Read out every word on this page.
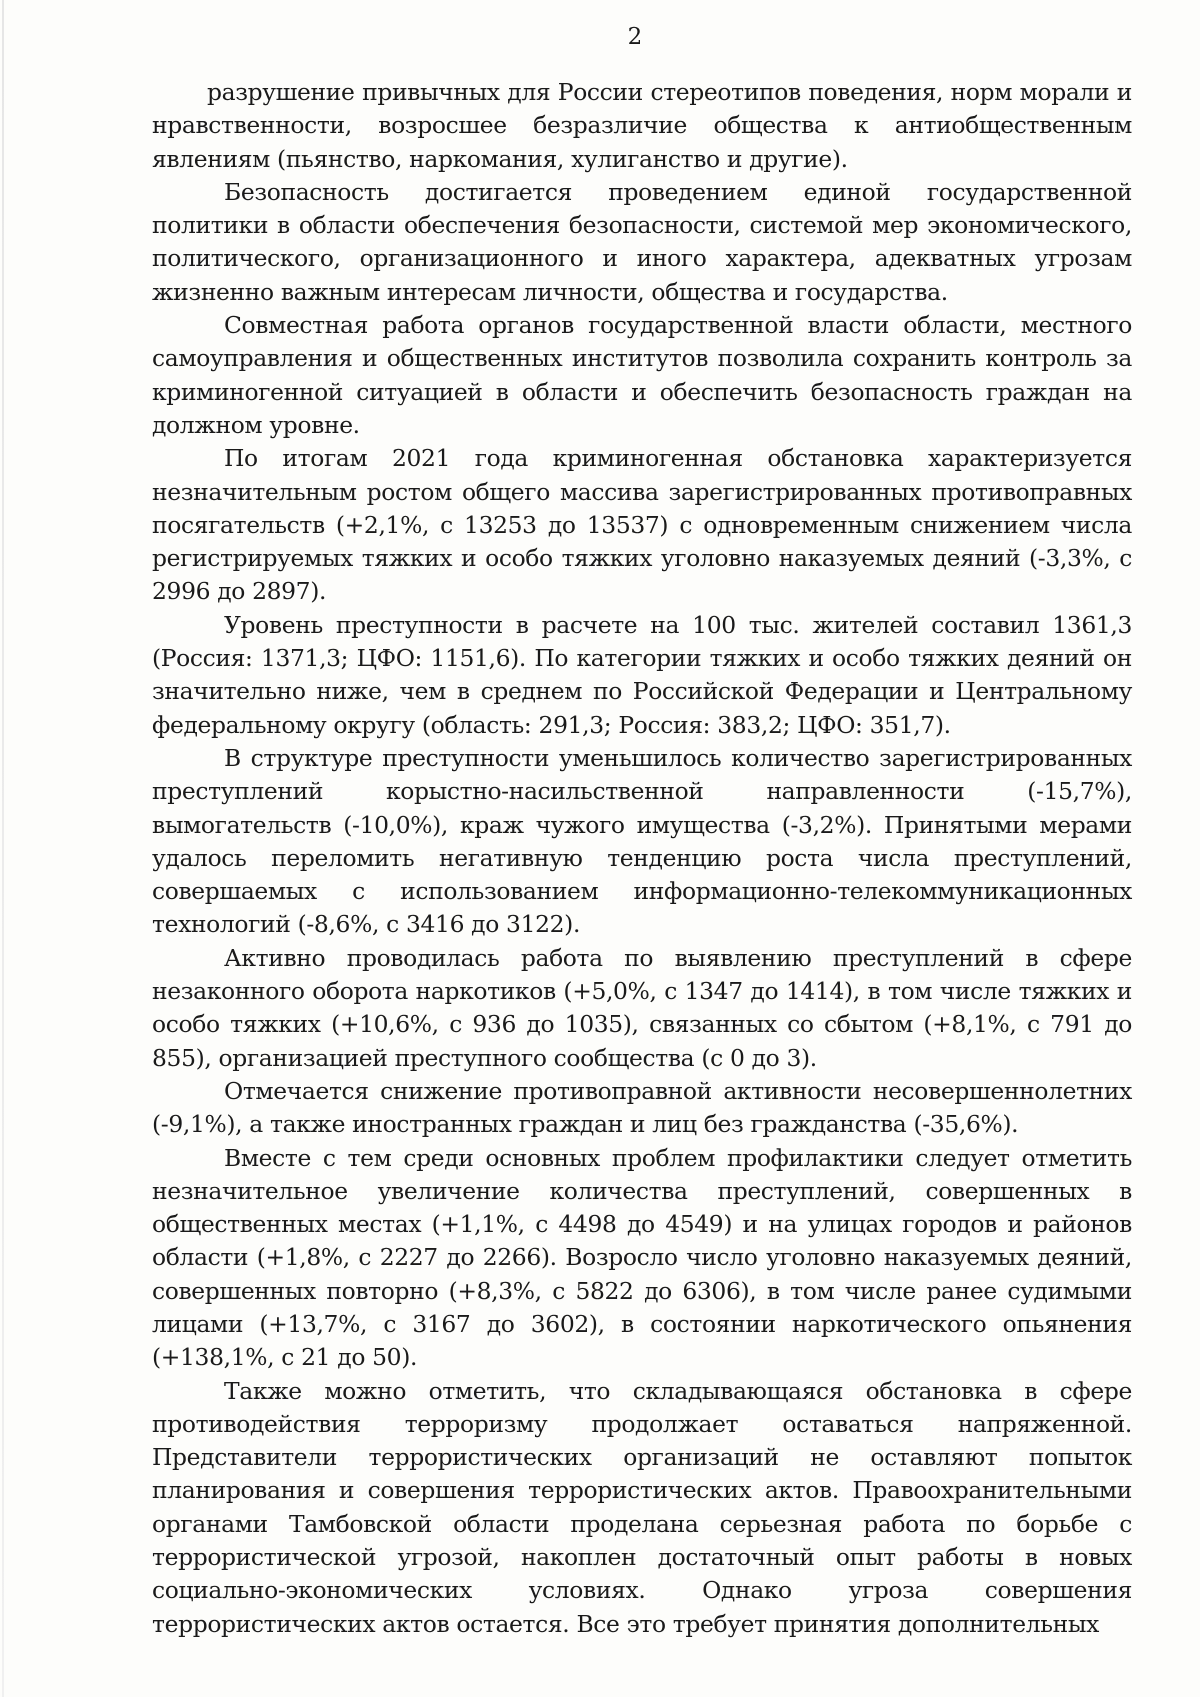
2

разрушение привычных для России стереотипов поведения, норм морали и нравственности, возросшее безразличие общества к антиобщественным явлениям (пьянство, наркомания, хулиганство и другие).

Безопасность достигается проведением единой государственной политики в области обеспечения безопасности, системой мер экономического, политического, организационного и иного характера, адекватных угрозам жизненно важным интересам личности, общества и государства.

Совместная работа органов государственной власти области, местного самоуправления и общественных институтов позволила сохранить контроль за криминогенной ситуацией в области и обеспечить безопасность граждан на должном уровне.

По итогам 2021 года криминогенная обстановка характеризуется незначительным ростом общего массива зарегистрированных противоправных посягательств (+2,1%, с 13253 до 13537) с одновременным снижением числа регистрируемых тяжких и особо тяжких уголовно наказуемых деяний (-3,3%, с 2996 до 2897).

Уровень преступности в расчете на 100 тыс. жителей составил 1361,3 (Россия: 1371,3; ЦФО: 1151,6). По категории тяжких и особо тяжких деяний он значительно ниже, чем в среднем по Российской Федерации и Центральному федеральному округу (область: 291,3; Россия: 383,2; ЦФО: 351,7).

В структуре преступности уменьшилось количество зарегистрированных преступлений корыстно-насильственной направленности (-15,7%), вымогательств (-10,0%), краж чужого имущества (-3,2%). Принятыми мерами удалось переломить негативную тенденцию роста числа преступлений, совершаемых с использованием информационно-телекоммуникационных технологий (-8,6%, с 3416 до 3122).

Активно проводилась работа по выявлению преступлений в сфере незаконного оборота наркотиков (+5,0%, с 1347 до 1414), в том числе тяжких и особо тяжких (+10,6%, с 936 до 1035), связанных со сбытом (+8,1%, с 791 до 855), организацией преступного сообщества (с 0 до 3).

Отмечается снижение противоправной активности несовершеннолетних (-9,1%), а также иностранных граждан и лиц без гражданства (-35,6%).

Вместе с тем среди основных проблем профилактики следует отметить незначительное увеличение количества преступлений, совершенных в общественных местах (+1,1%, с 4498 до 4549) и на улицах городов и районов области (+1,8%, с 2227 до 2266). Возросло число уголовно наказуемых деяний, совершенных повторно (+8,3%, с 5822 до 6306), в том числе ранее судимыми лицами (+13,7%, с 3167 до 3602), в состоянии наркотического опьянения (+138,1%, с 21 до 50).

Также можно отметить, что складывающаяся обстановка в сфере противодействия терроризму продолжает оставаться напряженной. Представители террористических организаций не оставляют попыток планирования и совершения террористических актов. Правоохранительными органами Тамбовской области проделана серьезная работа по борьбе с террористической угрозой, накоплен достаточный опыт работы в новых социально-экономических условиях. Однако угроза совершения террористических актов остается. Все это требует принятия дополнительных
